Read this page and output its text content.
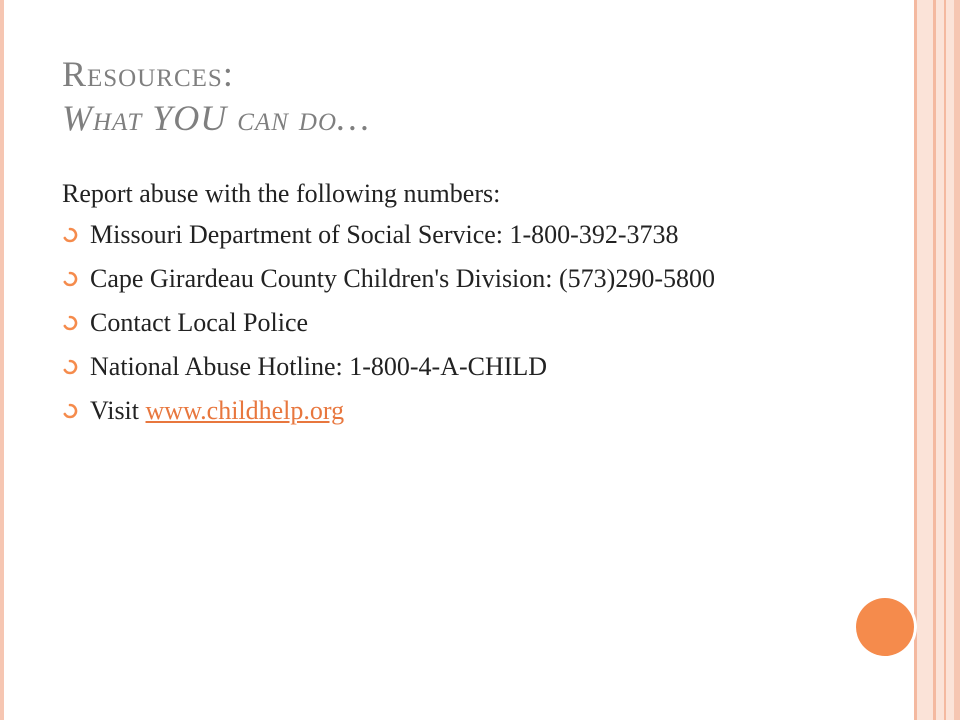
Resources:
What YOU can do…

Report abuse with the following numbers:

Missouri Department of Social Service: 1-800-392-3738
Cape Girardeau County Children's Division: (573)290-5800
Contact Local Police
National Abuse Hotline: 1-800-4-A-CHILD
Visit www.childhelp.org
